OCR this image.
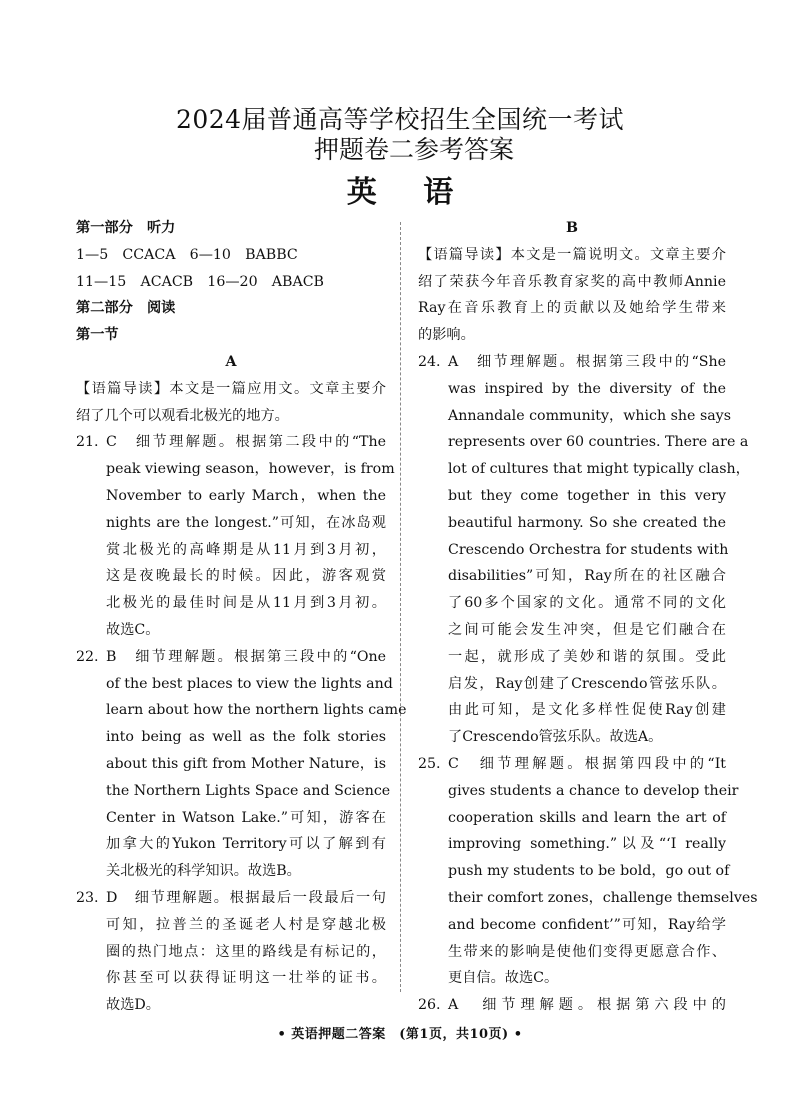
2024届普通高等学校招生全国统一考试
押题卷二参考答案
英 语
第一部分　听力
1—5　CCACA　6—10　BABBC
11—15　ACACB　16—20　ABACB
第二部分　阅读
第一节
A
【语篇导读】本文是一篇应用文。文章主要介
绍了几个可以观看北极光的地方。
21. C　细节理解题。根据第二段中的“The
peak viewing season，however，is from
November to early March，when the
nights are the longest.”可知，在冰岛观
赏北极光的高峰期是从11月到3月初，
这是夜晚最长的时候。因此，游客观赏
北极光的最佳时间是从11月到3月初。
故选C。
22. B　细节理解题。根据第三段中的“One
of the best places to view the lights and
learn about how the northern lights came
into being as well as the folk stories
about this gift from Mother Nature，is
the Northern Lights Space and Science
Center in Watson Lake.”可知，游客在
加拿大的Yukon Territory可以了解到有
关北极光的科学知识。故选B。
23. D　细节理解题。根据最后一段最后一句
可知，拉普兰的圣诞老人村是穿越北极
圈的热门地点：这里的路线是有标记的，
你甚至可以获得证明这一壮举的证书。
故选D。
B
【语篇导读】本文是一篇说明文。文章主要介
绍了荣获今年音乐教育家奖的高中教师Annie
Ray在音乐教育上的贡献以及她给学生带来
的影响。
24. A　细节理解题。根据第三段中的“She
was inspired by the diversity of the
Annandale community，which she says
represents over 60 countries. There are a
lot of cultures that might typically clash，
but they come together in this very
beautiful harmony. So she created the
Crescendo Orchestra for students with
disabilities”可知，Ray所在的社区融合
了60多个国家的文化。通常不同的文化
之间可能会发生冲突，但是它们融合在
一起，就形成了美妙和谐的氛围。受此
启发，Ray创建了Crescendo管弦乐队。
由此可知，是文化多样性促使Ray创建
了Crescendo管弦乐队。故选A。
25. C　细节理解题。根据第四段中的“It
gives students a chance to develop their
cooperation skills and learn the art of
improving something.”以及“‘I really
push my students to be bold，go out of
their comfort zones，challenge themselves
and become confident’”可知，Ray给学
生带来的影响是使他们变得更愿意合作、
更自信。故选C。
26. A　细节理解题。根据第六段中的
• 英语押题二答案　(第1页，共10页) •
